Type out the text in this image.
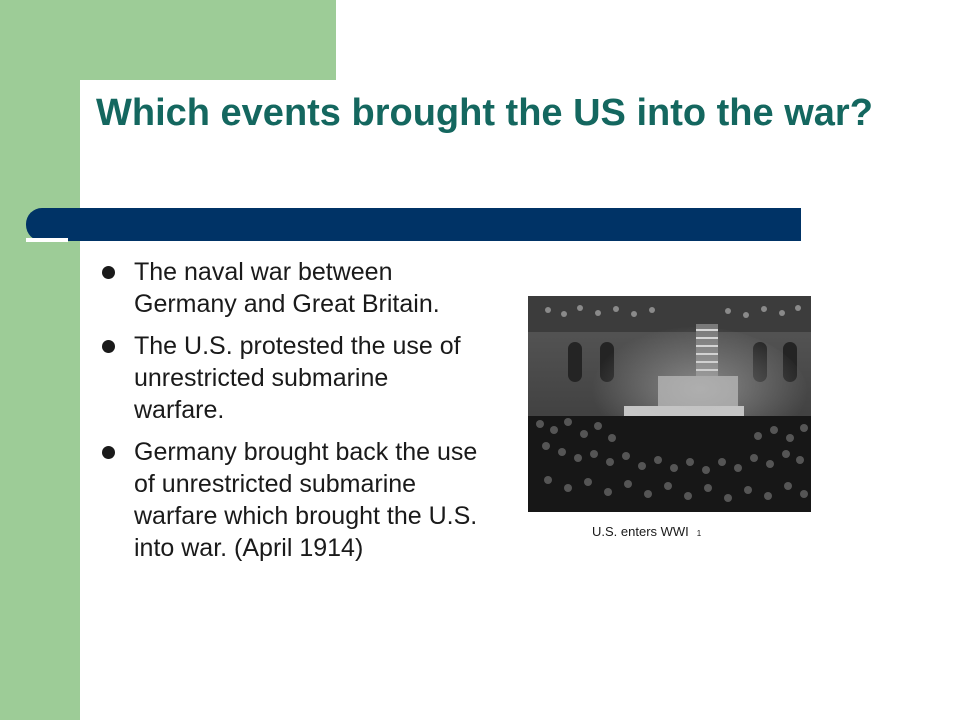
Which events brought the US into the war?
The naval war between Germany and Great Britain.
The U.S. protested the use of unrestricted submarine warfare.
Germany brought back the use of unrestricted submarine warfare which brought the U.S. into war. (April 1914)
U.S. enters WWI 1
